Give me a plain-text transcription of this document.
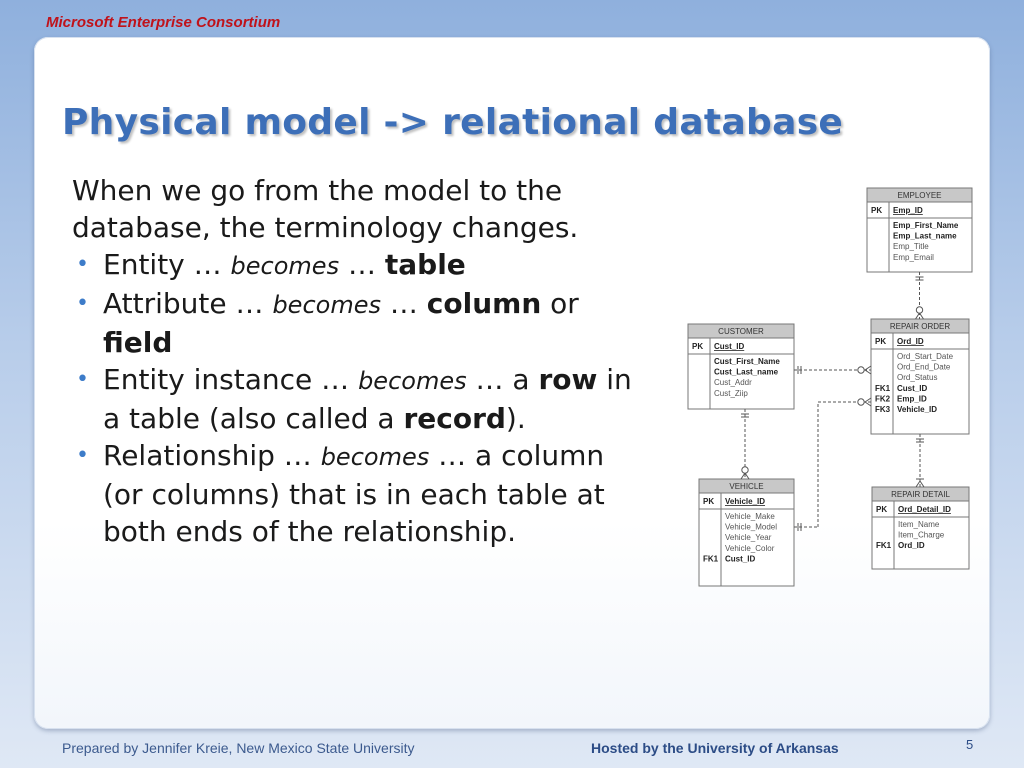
Microsoft Enterprise Consortium
Physical model -> relational database
When we go from the model to the database, the terminology changes.
• Entity … becomes … table
• Attribute … becomes … column or field
• Entity instance … becomes … a row in a table (also called a record).
• Relationship … becomes … a column (or columns) that is in each table at both ends of the relationship.
EMPLOYEE
PK Emp_ID
Emp_First_Name
Emp_Last_name
Emp_Title
Emp_Email
CUSTOMER
PK Cust_ID
Cust_First_Name
Cust_Last_name
Cust_Addr
Cust_Ziip
REPAIR ORDER
PK Ord_ID
Ord_Start_Date
Ord_End_Date
Ord_Status
Cust_ID
Emp_ID
Vehicle_ID
FK1
FK2
FK3
VEHICLE
PK Vehicle_ID
Vehicle_Make
Vehicle_Model
Vehicle_Year
Vehicle_Color
Cust_ID
FK1
REPAIR DETAIL
PK Ord_Detail_ID
Item_Name
Item_Charge
Ord_ID
FK1
Prepared by Jennifer Kreie, New Mexico State University	Hosted by the University of Arkansas	5
